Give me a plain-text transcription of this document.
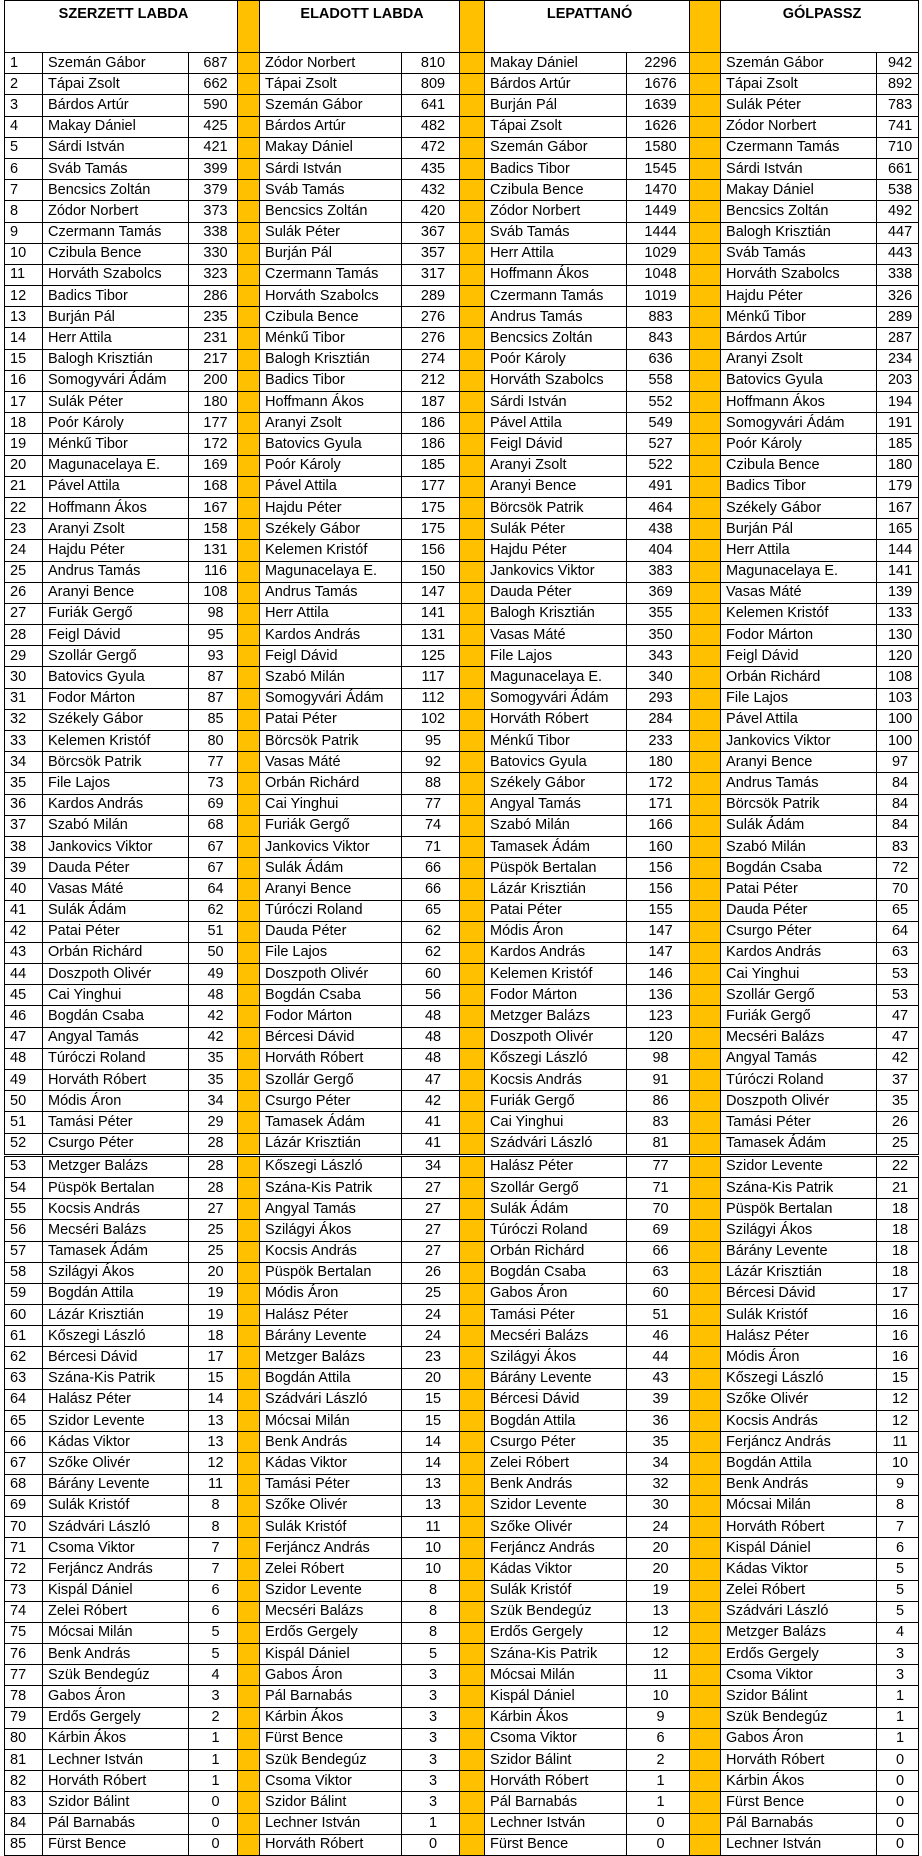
SZERZETT LABDA				ELADOTT LABDA			LEPATTANÓ			GÓLPASSZ	
1	Szemán Gábor	687		Zódor Norbert	810		Makay Dániel	2296		Szemán Gábor	942
2	Tápai Zsolt	662		Tápai Zsolt	809		Bárdos Artúr	1676		Tápai Zsolt	892
3	Bárdos Artúr	590		Szemán Gábor	641		Burján Pál	1639		Sulák Péter	783
4	Makay Dániel	425		Bárdos Artúr	482		Tápai Zsolt	1626		Zódor Norbert	741
5	Sárdi István	421		Makay Dániel	472		Szemán Gábor	1580		Czermann Tamás	710
6	Sváb Tamás	399		Sárdi István	435		Badics Tibor	1545		Sárdi István	661
7	Bencsics Zoltán	379		Sváb Tamás	432		Czibula Bence	1470		Makay Dániel	538
8	Zódor Norbert	373		Bencsics Zoltán	420		Zódor Norbert	1449		Bencsics Zoltán	492
9	Czermann Tamás	338		Sulák Péter	367		Sváb Tamás	1444		Balogh Krisztián	447
10	Czibula Bence	330		Burján Pál	357		Herr Attila	1029		Sváb Tamás	443
11	Horváth Szabolcs	323		Czermann Tamás	317		Hoffmann Ákos	1048		Horváth Szabolcs	338
12	Badics Tibor	286		Horváth Szabolcs	289		Czermann Tamás	1019		Hajdu Péter	326
13	Burján Pál	235		Czibula Bence	276		Andrus Tamás	883		Ménkű Tibor	289
14	Herr Attila	231		Ménkű Tibor	276		Bencsics Zoltán	843		Bárdos Artúr	287
15	Balogh Krisztián	217		Balogh Krisztián	274		Poór Károly	636		Aranyi Zsolt	234
16	Somogyvári Ádám	200		Badics Tibor	212		Horváth Szabolcs	558		Batovics Gyula	203
17	Sulák Péter	180		Hoffmann Ákos	187		Sárdi István	552		Hoffmann Ákos	194
18	Poór Károly	177		Aranyi Zsolt	186		Pável Attila	549		Somogyvári Ádám	191
19	Ménkű Tibor	172		Batovics Gyula	186		Feigl Dávid	527		Poór Károly	185
20	Magunacelaya E.	169		Poór Károly	185		Aranyi Zsolt	522		Czibula Bence	180
21	Pável Attila	168		Pável Attila	177		Aranyi Bence	491		Badics Tibor	179
22	Hoffmann Ákos	167		Hajdu Péter	175		Börcsök Patrik	464		Székely Gábor	167
23	Aranyi Zsolt	158		Székely Gábor	175		Sulák Péter	438		Burján Pál	165
24	Hajdu Péter	131		Kelemen Kristóf	156		Hajdu Péter	404		Herr Attila	144
25	Andrus Tamás	116		Magunacelaya E.	150		Jankovics Viktor	383		Magunacelaya E.	141
26	Aranyi Bence	108		Andrus Tamás	147		Dauda Péter	369		Vasas Máté	139
27	Furiák Gergő	98		Herr Attila	141		Balogh Krisztián	355		Kelemen Kristóf	133
28	Feigl Dávid	95		Kardos András	131		Vasas Máté	350		Fodor Márton	130
29	Szollár Gergő	93		Feigl Dávid	125		File Lajos	343		Feigl Dávid	120
30	Batovics Gyula	87		Szabó Milán	117		Magunacelaya E.	340		Orbán Richárd	108
31	Fodor Márton	87		Somogyvári Ádám	112		Somogyvári Ádám	293		File Lajos	103
32	Székely Gábor	85		Patai Péter	102		Horváth Róbert	284		Pável Attila	100
33	Kelemen Kristóf	80		Börcsök Patrik	95		Ménkű Tibor	233		Jankovics Viktor	100
34	Börcsök Patrik	77		Vasas Máté	92		Batovics Gyula	180		Aranyi Bence	97
35	File Lajos	73		Orbán Richárd	88		Székely Gábor	172		Andrus Tamás	84
36	Kardos András	69		Cai Yinghui	77		Angyal Tamás	171		Börcsök Patrik	84
37	Szabó Milán	68		Furiák Gergő	74		Szabó Milán	166		Sulák Ádám	84
38	Jankovics Viktor	67		Jankovics Viktor	71		Tamasek Ádám	160		Szabó Milán	83
39	Dauda Péter	67		Sulák Ádám	66		Püspök Bertalan	156		Bogdán Csaba	72
40	Vasas Máté	64		Aranyi Bence	66		Lázár Krisztián	156		Patai Péter	70
41	Sulák Ádám	62		Túróczi Roland	65		Patai Péter	155		Dauda Péter	65
42	Patai Péter	51		Dauda Péter	62		Módis Áron	147		Csurgo Péter	64
43	Orbán Richárd	50		File Lajos	62		Kardos András	147		Kardos András	63
44	Doszpoth Olivér	49		Doszpoth Olivér	60		Kelemen Kristóf	146		Cai Yinghui	53
45	Cai Yinghui	48		Bogdán Csaba	56		Fodor Márton	136		Szollár Gergő	53
46	Bogdán Csaba	42		Fodor Márton	48		Metzger Balázs	123		Furiák Gergő	47
47	Angyal Tamás	42		Bércesi Dávid	48		Doszpoth Olivér	120		Mecséri Balázs	47
48	Túróczi Roland	35		Horváth Róbert	48		Kőszegi László	98		Angyal Tamás	42
49	Horváth Róbert	35		Szollár Gergő	47		Kocsis András	91		Túróczi Roland	37
50	Módis Áron	34		Csurgo Péter	42		Furiák Gergő	86		Doszpoth Olivér	35
51	Tamási Péter	29		Tamasek Ádám	41		Cai Yinghui	83		Tamási Péter	26
52	Csurgo Péter	28		Lázár Krisztián	41		Szádvári László	81		Tamasek Ádám	25
53	Metzger Balázs	28		Kőszegi László	34		Halász Péter	77		Szidor Levente	22
54	Püspök Bertalan	28		Szána-Kis Patrik	27		Szollár Gergő	71		Szána-Kis Patrik	21
55	Kocsis András	27		Angyal Tamás	27		Sulák Ádám	70		Püspök Bertalan	18
56	Mecséri Balázs	25		Szilágyi Ákos	27		Túróczi Roland	69		Szilágyi Ákos	18
57	Tamasek Ádám	25		Kocsis András	27		Orbán Richárd	66		Bárány Levente	18
58	Szilágyi Ákos	20		Püspök Bertalan	26		Bogdán Csaba	63		Lázár Krisztián	18
59	Bogdán Attila	19		Módis Áron	25		Gabos Áron	60		Bércesi Dávid	17
60	Lázár Krisztián	19		Halász Péter	24		Tamási Péter	51		Sulák Kristóf	16
61	Kőszegi László	18		Bárány Levente	24		Mecséri Balázs	46		Halász Péter	16
62	Bércesi Dávid	17		Metzger Balázs	23		Szilágyi Ákos	44		Módis Áron	16
63	Szána-Kis Patrik	15		Bogdán Attila	20		Bárány Levente	43		Kőszegi László	15
64	Halász Péter	14		Szádvári László	15		Bércesi Dávid	39		Szőke Olivér	12
65	Szidor Levente	13		Mócsai Milán	15		Bogdán Attila	36		Kocsis András	12
66	Kádas Viktor	13		Benk András	14		Csurgo Péter	35		Ferjáncz András	11
67	Szőke Olivér	12		Kádas Viktor	14		Zelei Róbert	34		Bogdán Attila	10
68	Bárány Levente	11		Tamási Péter	13		Benk András	32		Benk András	9
69	Sulák Kristóf	8		Szőke Olivér	13		Szidor Levente	30		Mócsai Milán	8
70	Szádvári László	8		Sulák Kristóf	11		Szőke Olivér	24		Horváth Róbert	7
71	Csoma Viktor	7		Ferjáncz András	10		Ferjáncz András	20		Kispál Dániel	6
72	Ferjáncz András	7		Zelei Róbert	10		Kádas Viktor	20		Kádas Viktor	5
73	Kispál Dániel	6		Szidor Levente	8		Sulák Kristóf	19		Zelei Róbert	5
74	Zelei Róbert	6		Mecséri Balázs	8		Szük Bendegúz	13		Szádvári László	5
75	Mócsai Milán	5		Erdős Gergely	8		Erdős Gergely	12		Metzger Balázs	4
76	Benk András	5		Kispál Dániel	5		Szána-Kis Patrik	12		Erdős Gergely	3
77	Szük Bendegúz	4		Gabos Áron	3		Mócsai Milán	11		Csoma Viktor	3
78	Gabos Áron	3		Pál Barnabás	3		Kispál Dániel	10		Szidor Bálint	1
79	Erdős Gergely	2		Kárbin Ákos	3		Kárbin Ákos	9		Szük Bendegúz	1
80	Kárbin Ákos	1		Fürst Bence	3		Csoma Viktor	6		Gabos Áron	1
81	Lechner István	1		Szük Bendegúz	3		Szidor Bálint	2		Horváth Róbert	0
82	Horváth Róbert	1		Csoma Viktor	3		Horváth Róbert	1		Kárbin Ákos	0
83	Szidor Bálint	0		Szidor Bálint	3		Pál Barnabás	1		Fürst Bence	0
84	Pál Barnabás	0		Lechner István	1		Lechner István	0		Pál Barnabás	0
85	Fürst Bence	0		Horváth Róbert	0		Fürst Bence	0		Lechner István	0
